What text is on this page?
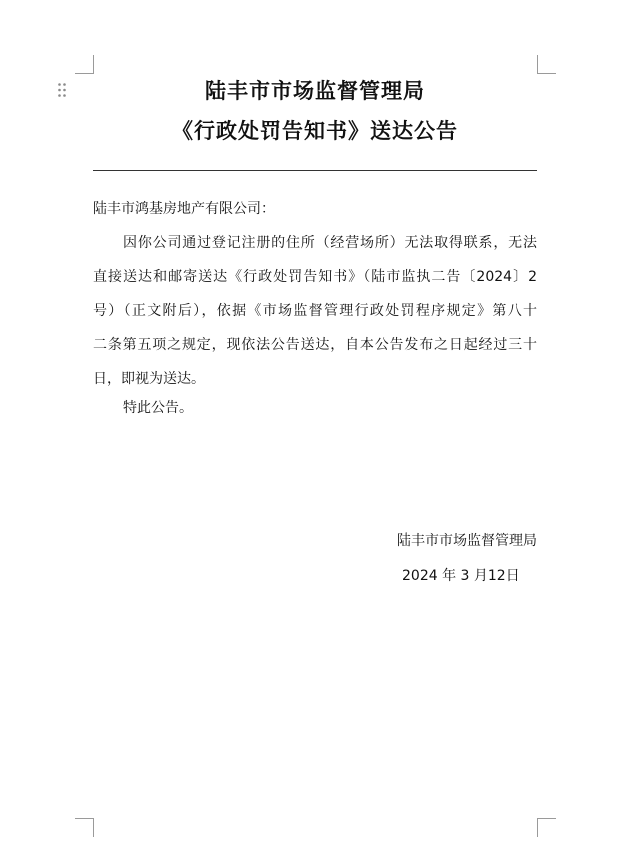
陆丰市市场监督管理局
《行政处罚告知书》送达公告
陆丰市鸿基房地产有限公司：
因你公司通过登记注册的住所（经营场所）无法取得联系，无法
直接送达和邮寄送达《行政处罚告知书》（陆市监执二告〔2024〕2
号）（正文附后），依据《市场监督管理行政处罚程序规定》第八十
二条第五项之规定，现依法公告送达，自本公告发布之日起经过三十
日，即视为送达。
特此公告。
陆丰市市场监督管理局
2024 年 3 月12日
